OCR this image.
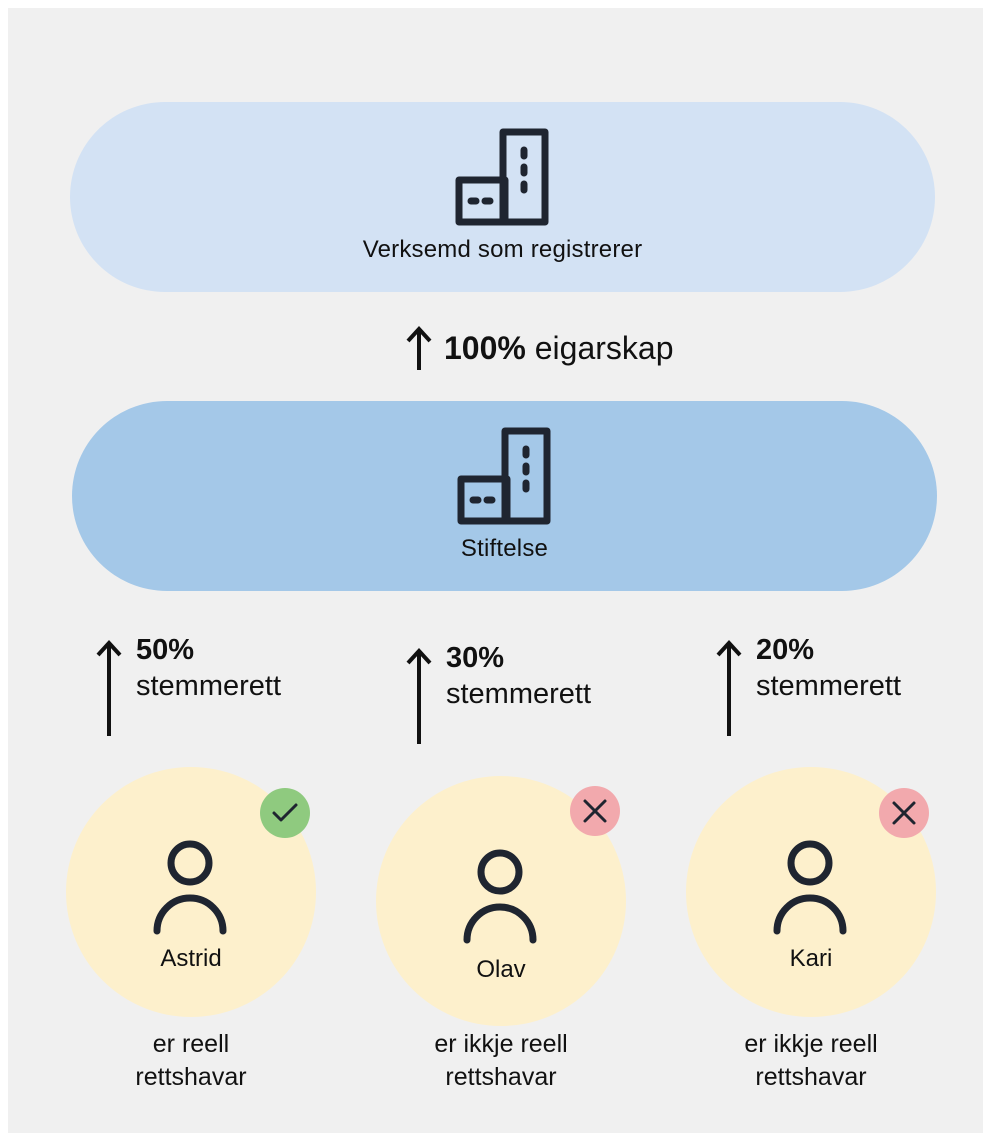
Verksemd som registrerer
100% eigarskap
Stiftelse
50%
stemmerett
30%
stemmerett
20%
stemmerett
Astrid
er reell
rettshavar
Olav
er ikkje reell
rettshavar
Kari
er ikkje reell
rettshavar
